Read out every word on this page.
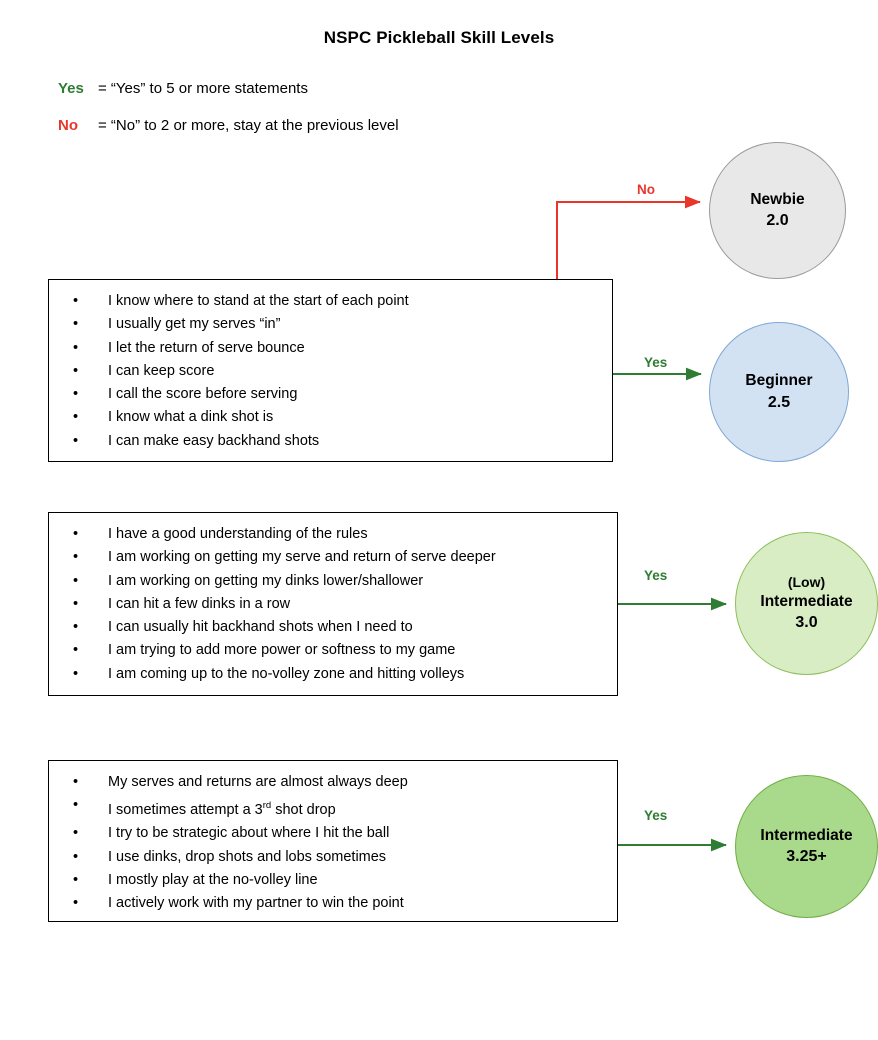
NSPC Pickleball Skill Levels
Yes = “Yes” to 5 or more statements
No	= “No” to 2 or more, stay at the previous level
No
Yes
Yes
Yes
• I know where to stand at the start of each point
• I usually get my serves “in”
• I let the return of serve bounce
• I can keep score
• I call the score before serving
• I know what a dink shot is
• I can make easy backhand shots
• I have a good understanding of the rules
• I am working on getting my serve and return of serve deeper
• I am working on getting my dinks lower/shallower
• I can hit a few dinks in a row
• I can usually hit backhand shots when I need to
• I am trying to add more power or softness to my game
• I am coming up to the no-volley zone and hitting volleys
• My serves and returns are almost always deep
• I sometimes attempt a 3rd shot drop
• I try to be strategic about where I hit the ball
• I use dinks, drop shots and lobs sometimes
• I mostly play at the no-volley line
• I actively work with my partner to win the point
Newbie
2.0
Beginner
2.5
(Low)
Intermediate
3.0
Intermediate
3.25+
